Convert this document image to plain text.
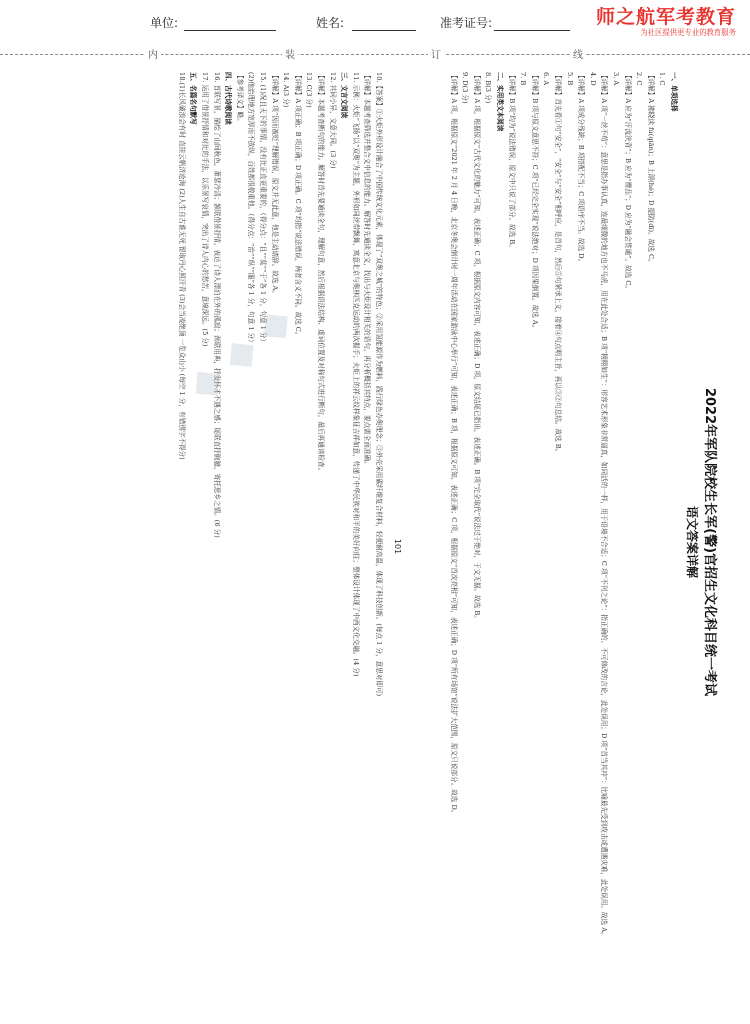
单位:	姓名:	准考证号:	师之航军考教育
为社区提供更专业的教育服务
内	装	订	线
2022年军队院校生长军(警)官招生文化科目统一考试
语文答案详解
一、单项选择
1. C
【详解】A 拂晓读 fú(qiān)；B 上颌(hé)；D 提防(dī)。故选 C。
2. C
【详解】A 应为“汗流浃背”；B 应为“赝品”；D 应为“融会贯通”。故选 C。
3. A
【详解】A 项“一丝不苟”：意思是指办事认真，连最细微的地方也不马虎，用在此处合适；B 项“栩栩如生”：形容艺术形象非常逼真，如同活的一样，用于语境不合适；C 项“不刊之论”：指正确的、不可修改的言论，此处误用；D 项“首当其冲”：比喻最先受到攻击或遭遇灾难，此处误用。故选 A。
4. D
【详解】A 项成分残缺；B 项搭配不当；C 项语序不当。故选 D。
5. B
【详解】首先看①句“安全”，“安全”与“安全”相呼应，是首句，然后⑤句紧承上文，接着④句点明主旨，再以③②句总结。故选 B。
6. A
【详解】B 项与原文意思不符；C 项“已经完全实现”说法绝对；D 项因果倒置。故选 A。
7. B
【详解】B 项“均为”说法错误，原文中只说了部分。故选 B。
二、实用类文本阅读
8. B(3 分)
【详解】A 项，根据原文“古代文化的魅力”可知，表述正确；C 项，根据原文内容可知，表述正确；D 项，原文结尾已指出，表述正确。B 项“完全取代”说法过于绝对，于文无据。故选 B。
9. D(3 分)
【详解】A 项，根据原文“2021 年 2 月 4 日晚，北京冬奥会倒计时一周年活动在国家游泳中心举行”可知，表述正确；B 项，根据原文可知，表述正确；C 项，根据原文“首次亮相”可知，表述正确；D 项“所有场馆”说法扩大范围，原文只说部分。故选 D。
10.【答案】①火炬外形设计融合了中国传统文化元素，体现了“双奥之城”的特色；②采用氢能源作为燃料，践行绿色办奥理念；③外壳采用碳纤维复合材料，轻便耐高温，体现了科技创新。(每点 1 分，意思对即可)
【详解】本题考查筛选并整合文中信息的能力。解答时先通读全文，找出与火炬设计相关的语句，再分析概括其特点，要点需全面准确。
11. 示例：火炬“飞扬”以“双奥”为主题，外形如同丝带飘舞，寓意北京与奥林匹克运动的两次握手；火炬上的祥云纹样象征吉祥如意，传递了中华民族对和平的美好向往；整体设计体现了中西文化交融。(4 分)
三、文言文阅读
12. 其词小异，文意大同。(3 分)
【详解】本题考查断句的能力。解答时首先要通读全句，理解句意，然后根据语法结构、虚词位置及对称句式进行断句，最后再通读检查。
13. C(3 分)
【详解】A 项正确；B 项正确；D 项正确。C 项“均指”说法错误，两者含义不同。故选 C。
14. A(3 分)
【详解】A 项“因而被贬”理解错误，原文并无此意，他是主动请辞。故选 A。
15. (1)况且天下的事情，没有比正直更重要的，（得分点：“且”“莫”“于”各 1 分，句意 1 分）
(2)他治理地方宽厚而不放纵，百姓都很敬重他。（得分点：“治”“纵”“服”各 1 分，句意 1 分）
【参考译文】略。
四、古代诗歌阅读
16. 首联写景，描绘了山间秋色，萧瑟冷清；颔联借景抒情，表达了诗人漂泊在外的孤寂；颈联用典，抒发怀才不遇之感；尾联直抒胸臆，寄托思乡之情。(6 分)
17. 运用了借景抒情和对比的手法，以乐景写哀情，突出了诗人内心的愁苦，意境深远。(5 分)
五、名篇名句默写
18.(1)长风破浪会有时 直挂云帆济沧海 (2)人生自古谁无死 留取丹心照汗青 (3)会当凌绝顶 一览众山小 (每空 1 分，有错别字不得分)
101
◆ ◆ ◆
